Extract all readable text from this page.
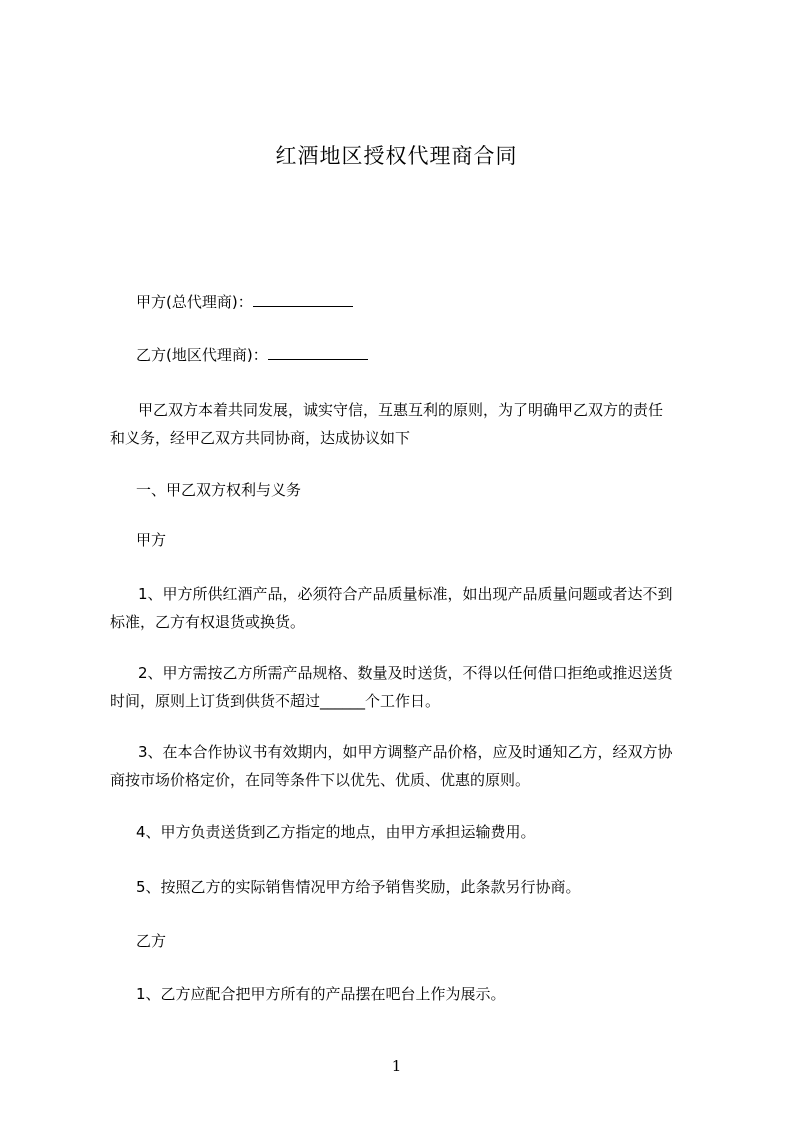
红酒地区授权代理商合同
甲方(总代理商)：
乙方(地区代理商)：
甲乙双方本着共同发展，诚实守信，互惠互利的原则，为了明确甲乙双方的责任
和义务，经甲乙双方共同协商，达成协议如下
一、甲乙双方权利与义务
甲方
1、甲方所供红酒产品，必须符合产品质量标准，如出现产品质量问题或者达不到
标准，乙方有权退货或换货。
2、甲方需按乙方所需产品规格、数量及时送货，不得以任何借口拒绝或推迟送货
时间，原则上订货到供货不超过______个工作日。
3、在本合作协议书有效期内，如甲方调整产品价格，应及时通知乙方，经双方协
商按市场价格定价，在同等条件下以优先、优质、优惠的原则。
4、甲方负责送货到乙方指定的地点，由甲方承担运输费用。
5、按照乙方的实际销售情况甲方给予销售奖励，此条款另行协商。
乙方
1、乙方应配合把甲方所有的产品摆在吧台上作为展示。
1
